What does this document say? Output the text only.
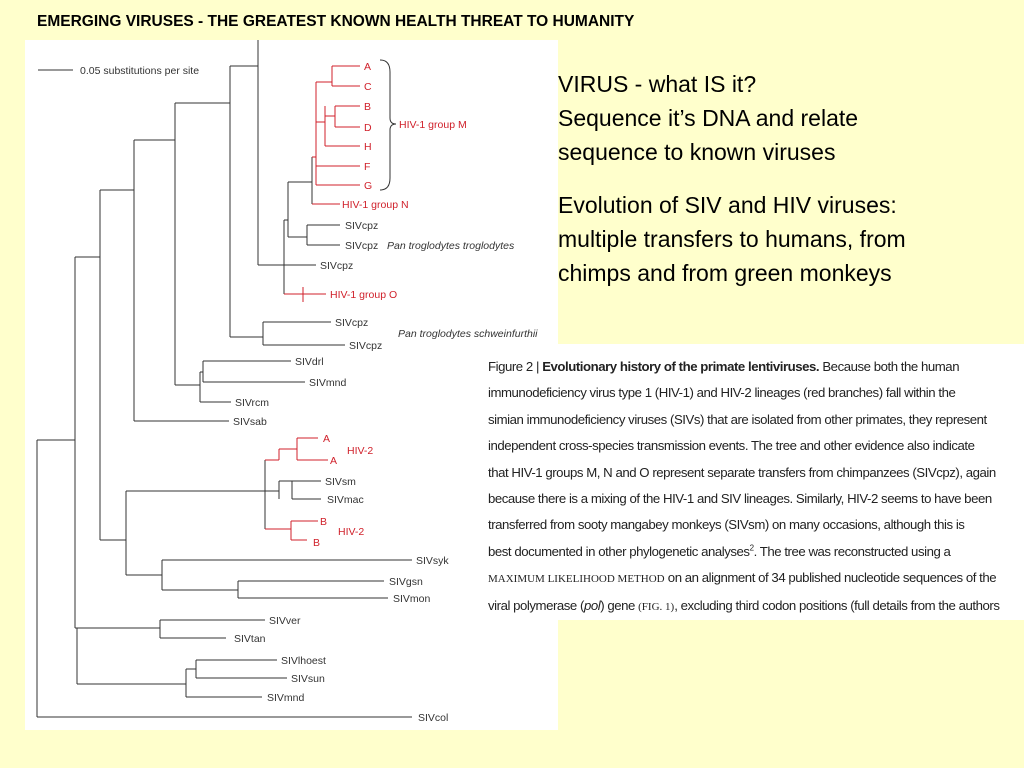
EMERGING VIRUSES - THE GREATEST KNOWN HEALTH THREAT TO HUMANITY
0.05 substitutions per site	A
C
B
D
H
F
G
HIV-1 group M
HIV-1 group N
SIVcpz
SIVcpz Pan troglodytes troglodytes
SIVcpz
HIV-1 group O
SIVcpz
SIVcpz
Pan troglodytes schweinfurthii
SIVdrl
SIVmnd
SIVrcm
SIVsab
A
A
HIV-2
SIVsm
SIVmac
B
B
HIV-2
SIVsyk
SIVgsn
SIVmon
SIVver
SIVtan
SIVlhoest
SIVsun
SIVmnd
SIVcol

VIRUS - what IS it?

Sequence it’s DNA and relate

sequence to known viruses

Evolution of SIV and HIV viruses:

multiple transfers to humans, from

chimps and from green monkeys

Figure 2 | Evolutionary history of the primate lentiviruses. Because both the human
immunodeficiency virus type 1 (HIV-1) and HIV-2 lineages (red branches) fall within the
simian immunodeficiency viruses (SIVs) that are isolated from other primates, they represent
independent cross-species transmission events. The tree and other evidence also indicate
that HIV-1 groups M, N and O represent separate transfers from chimpanzees (SIVcpz), again
because there is a mixing of the HIV-1 and SIV lineages. Similarly, HIV-2 seems to have been
transferred from sooty mangabey monkeys (SIVsm) on many occasions, although this is
best documented in other phylogenetic analyses$^2$. The tree was reconstructed using a
MAXIMUM LIKELIHOOD METHOD on an alignment of 34 published nucleotide sequences of the
viral polymerase (pol) gene (FIG. 1), excluding third codon positions (full details from the authors
